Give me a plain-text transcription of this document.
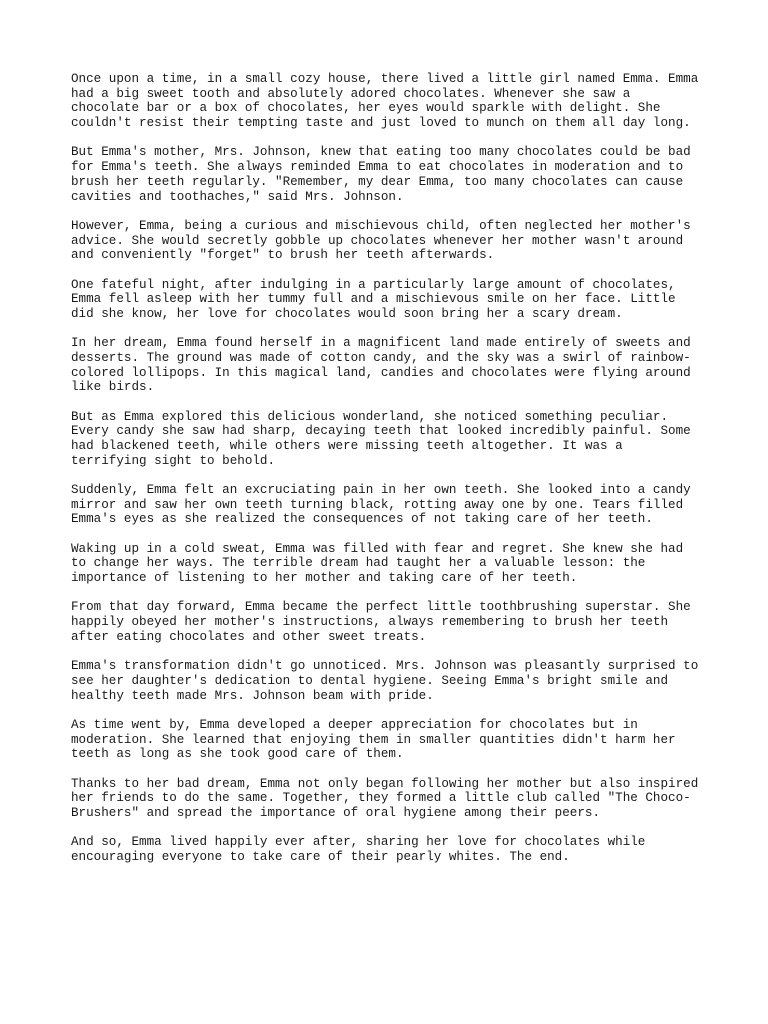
Once upon a time, in a small cozy house, there lived a little girl named Emma. Emma
had a big sweet tooth and absolutely adored chocolates. Whenever she saw a
chocolate bar or a box of chocolates, her eyes would sparkle with delight. She
couldn't resist their tempting taste and just loved to munch on them all day long.

But Emma's mother, Mrs. Johnson, knew that eating too many chocolates could be bad
for Emma's teeth. She always reminded Emma to eat chocolates in moderation and to
brush her teeth regularly. "Remember, my dear Emma, too many chocolates can cause
cavities and toothaches," said Mrs. Johnson.

However, Emma, being a curious and mischievous child, often neglected her mother's
advice. She would secretly gobble up chocolates whenever her mother wasn't around
and conveniently "forget" to brush her teeth afterwards.

One fateful night, after indulging in a particularly large amount of chocolates,
Emma fell asleep with her tummy full and a mischievous smile on her face. Little
did she know, her love for chocolates would soon bring her a scary dream.

In her dream, Emma found herself in a magnificent land made entirely of sweets and
desserts. The ground was made of cotton candy, and the sky was a swirl of rainbow-
colored lollipops. In this magical land, candies and chocolates were flying around
like birds.

But as Emma explored this delicious wonderland, she noticed something peculiar.
Every candy she saw had sharp, decaying teeth that looked incredibly painful. Some
had blackened teeth, while others were missing teeth altogether. It was a
terrifying sight to behold.

Suddenly, Emma felt an excruciating pain in her own teeth. She looked into a candy
mirror and saw her own teeth turning black, rotting away one by one. Tears filled
Emma's eyes as she realized the consequences of not taking care of her teeth.

Waking up in a cold sweat, Emma was filled with fear and regret. She knew she had
to change her ways. The terrible dream had taught her a valuable lesson: the
importance of listening to her mother and taking care of her teeth.

From that day forward, Emma became the perfect little toothbrushing superstar. She
happily obeyed her mother's instructions, always remembering to brush her teeth
after eating chocolates and other sweet treats.

Emma's transformation didn't go unnoticed. Mrs. Johnson was pleasantly surprised to
see her daughter's dedication to dental hygiene. Seeing Emma's bright smile and
healthy teeth made Mrs. Johnson beam with pride.

As time went by, Emma developed a deeper appreciation for chocolates but in
moderation. She learned that enjoying them in smaller quantities didn't harm her
teeth as long as she took good care of them.

Thanks to her bad dream, Emma not only began following her mother but also inspired
her friends to do the same. Together, they formed a little club called "The Choco-
Brushers" and spread the importance of oral hygiene among their peers.

And so, Emma lived happily ever after, sharing her love for chocolates while
encouraging everyone to take care of their pearly whites. The end.
